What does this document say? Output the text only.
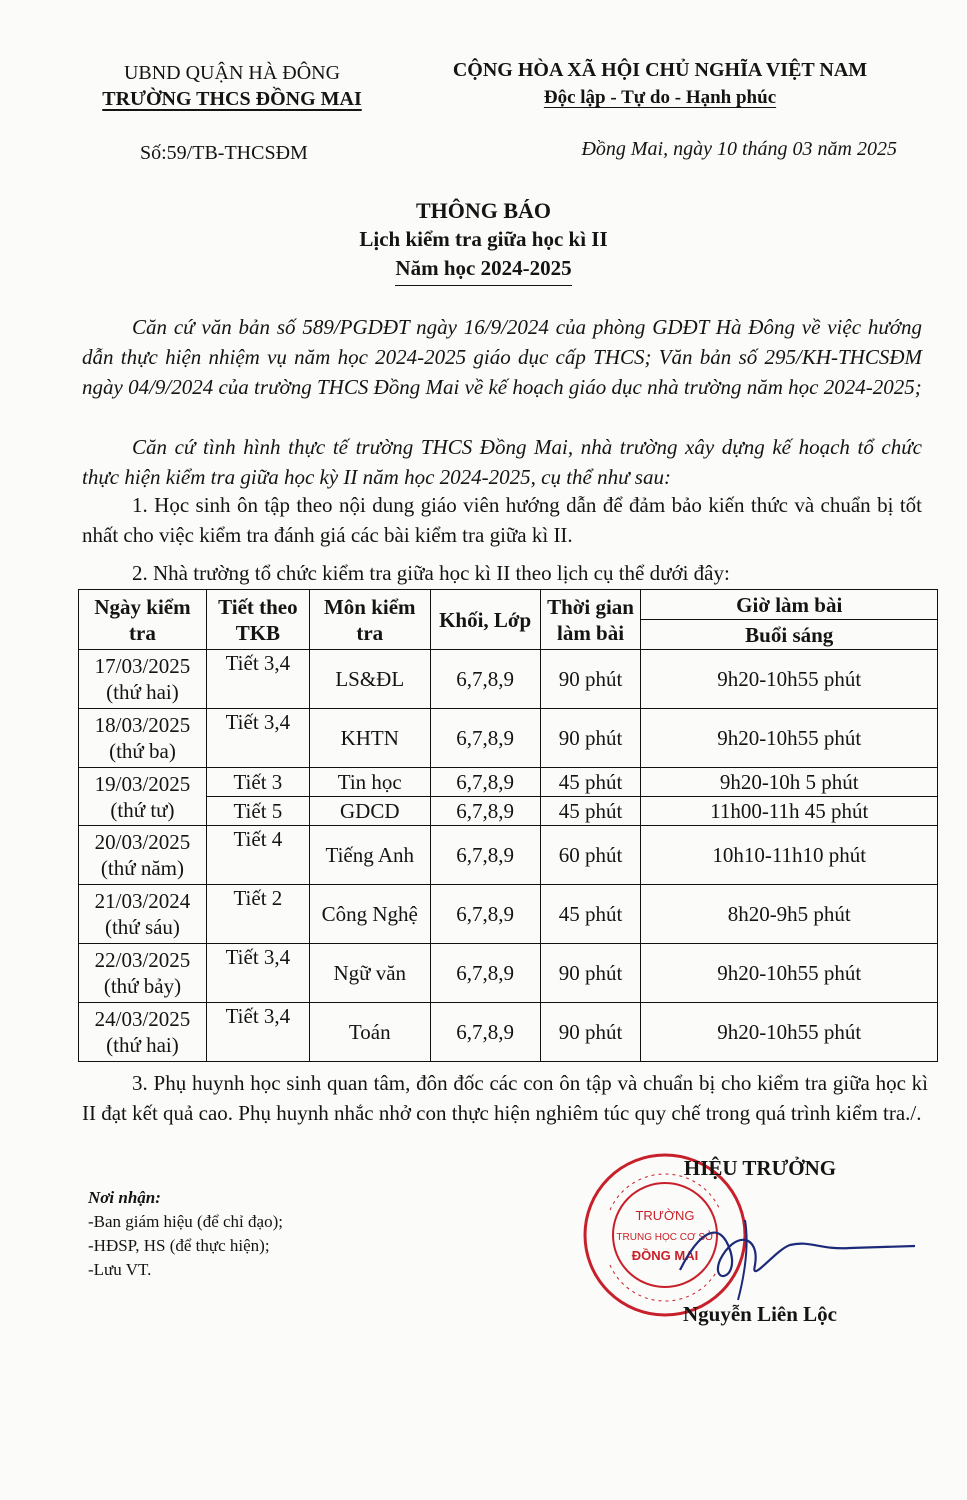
UBND QUẬN HÀ ĐÔNG
TRƯỜNG THCS ĐỒNG MAI
CỘNG HÒA XÃ HỘI CHỦ NGHĨA VIỆT NAM
Độc lập - Tự do - Hạnh phúc
Số:59/TB-THCSĐM	Đồng Mai, ngày 10 tháng 03 năm 2025
THÔNG BÁO
Lịch kiểm tra giữa học kì II
Năm học 2024-2025
Căn cứ văn bản số 589/PGDĐT ngày 16/9/2024 của phòng GDĐT Hà Đông về việc hướng dẫn thực hiện nhiệm vụ năm học 2024-2025 giáo dục cấp THCS; Văn bản số 295/KH-THCSĐM ngày 04/9/2024 của trường THCS Đồng Mai về kế hoạch giáo dục nhà trường năm học 2024-2025;
Căn cứ tình hình thực tế trường THCS Đồng Mai, nhà trường xây dựng kế hoạch tổ chức thực hiện kiểm tra giữa học kỳ II năm học 2024-2025, cụ thể như sau:
1. Học sinh ôn tập theo nội dung giáo viên hướng dẫn để đảm bảo kiến thức và chuẩn bị tốt nhất cho việc kiểm tra đánh giá các bài kiểm tra giữa kì II.
2. Nhà trường tổ chức kiểm tra giữa học kì II theo lịch cụ thể dưới đây:
Ngày kiểm tra	Tiết theo TKB	Môn kiểm tra	Khối, Lớp	Thời gian làm bài	Giờ làm bài
					Buổi sáng

17/03/2025
(thứ hai)	Tiết 3,4	LS&ĐL	6,7,8,9	90 phút	9h20-10h55 phút

18/03/2025
(thứ ba)	Tiết 3,4	KHTN	6,7,8,9	90 phút	9h20-10h55 phút

19/03/2025
(thứ tư)	Tiết 3	Tin học	6,7,8,9	45 phút	9h20-10h 5 phút
	Tiết 5	GDCD	6,7,8,9	45 phút	11h00-11h 45 phút

20/03/2025
(thứ năm)	Tiết 4	Tiếng Anh	6,7,8,9	60 phút	10h10-11h10 phút

21/03/2024
(thứ sáu)	Tiết 2	Công Nghệ	6,7,8,9	45 phút	8h20-9h5 phút

22/03/2025
(thứ bảy)	Tiết 3,4	Ngữ văn	6,7,8,9	90 phút	9h20-10h55 phút

24/03/2025
(thứ hai)	Tiết 3,4	Toán	6,7,8,9	90 phút	9h20-10h55 phút
3. Phụ huynh học sinh quan tâm, đôn đốc các con ôn tập và chuẩn bị cho kiểm tra giữa học kì II đạt kết quả cao. Phụ huynh nhắc nhở con thực hiện nghiêm túc quy chế trong quá trình kiểm tra./.
Nơi nhận:
-Ban giám hiệu (để chỉ đạo);
-HĐSP, HS (để thực hiện);
-Lưu VT.
TRƯỜNG
TRUNG HỌC CƠ SỞ
ĐỒNG MAI
HIỆU TRƯỞNG
Nguyễn Liên Lộc
